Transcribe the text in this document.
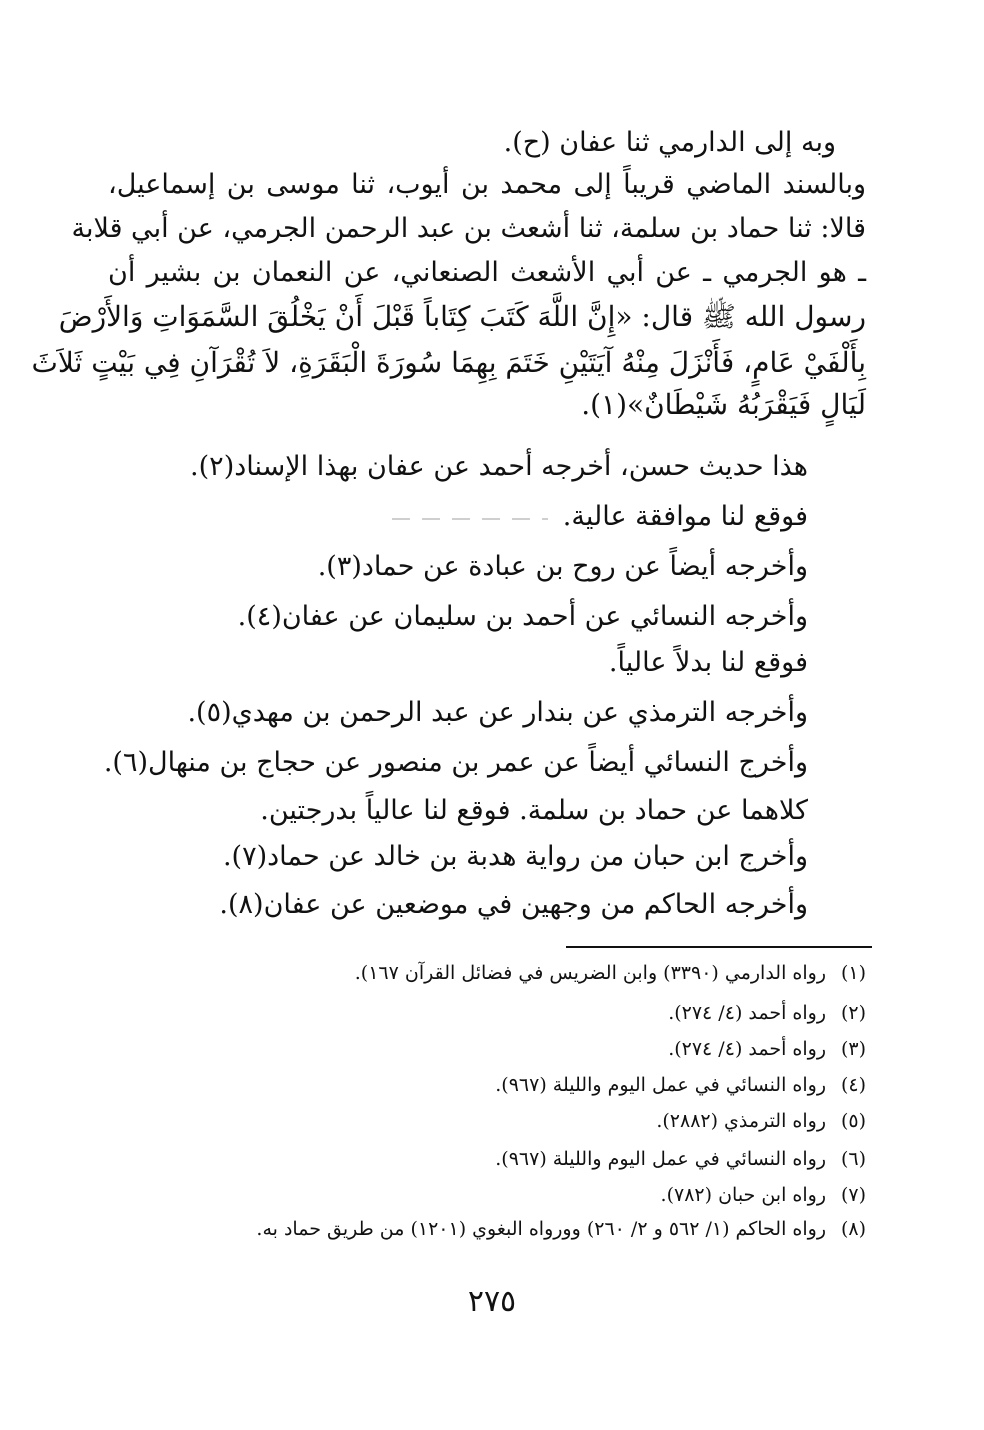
وبه إلى الدارمي ثنا عفان (ح).
وبالسند الماضي قريباً إلى محمد بن أيوب، ثنا موسى بن إسماعيل،
قالا: ثنا حماد بن سلمة، ثنا أشعث بن عبد الرحمن الجرمي، عن أبي قلابة
ـ هو الجرمي ـ عن أبي الأشعث الصنعاني، عن النعمان بن بشير أن
رسول الله ﷺ قال: «إِنَّ اللَّهَ كَتَبَ كِتَاباً قَبْلَ أَنْ يَخْلُقَ السَّمَوَاتِ وَالأَرْضَ
بِأَلْفَيْ عَامٍ، فَأَنْزَلَ مِنْهُ آيَتَيْنِ خَتَمَ بِهِمَا سُورَةَ الْبَقَرَةِ، لاَ تُقْرَآنِ فِي بَيْتٍ ثَلاَثَ
لَيَالٍ فَيَقْرَبُهُ شَيْطَانٌ»(١).
هذا حديث حسن، أخرجه أحمد عن عفان بهذا الإسناد(٢).
فوقع لنا موافقة عالية.
وأخرجه أيضاً عن روح بن عبادة عن حماد(٣).
وأخرجه النسائي عن أحمد بن سليمان عن عفان(٤).
فوقع لنا بدلاً عالياً.
وأخرجه الترمذي عن بندار عن عبد الرحمن بن مهدي(٥).
وأخرج النسائي أيضاً عن عمر بن منصور عن حجاج بن منهال(٦).
كلاهما عن حماد بن سلمة. فوقع لنا عالياً بدرجتين.
وأخرج ابن حبان من رواية هدبة بن خالد عن حماد(٧).
وأخرجه الحاكم من وجهين في موضعين عن عفان(٨).
(١)رواه الدارمي (٣٣٩٠) وابن الضريس في فضائل القرآن ١٦٧).
(٢)رواه أحمد (٤/ ٢٧٤).
(٣)رواه أحمد (٤/ ٢٧٤).
(٤)رواه النسائي في عمل اليوم والليلة (٩٦٧).
(٥)رواه الترمذي (٢٨٨٢).
(٦)رواه النسائي في عمل اليوم والليلة (٩٦٧).
(٧)رواه ابن حبان (٧٨٢).
(٨)رواه الحاكم (١/ ٥٦٢ و ٢/ ٢٦٠) وورواه البغوي (١٢٠١) من طريق حماد به.
٢٧٥
